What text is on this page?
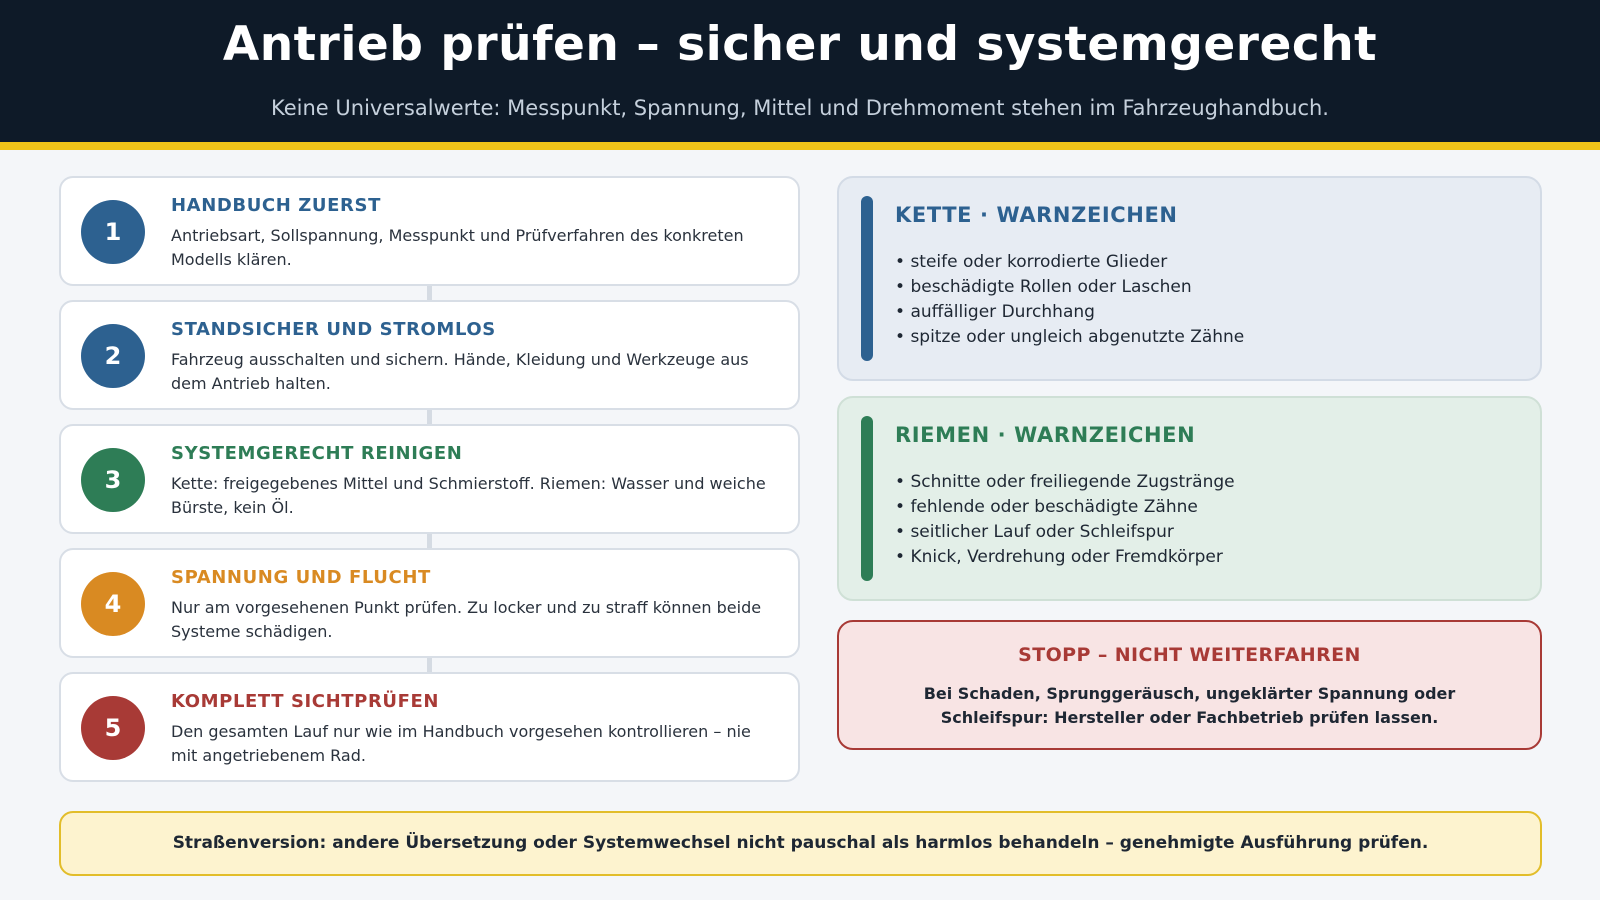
Antrieb prüfen – sicher und systemgerecht
Keine Universalwerte: Messpunkt, Spannung, Mittel und Drehmoment stehen im Fahrzeughandbuch.
1
HANDBUCH ZUERST
Antriebsart, Sollspannung, Messpunkt und Prüfverfahren des konkreten Modells klären.
2
STANDSICHER UND STROMLOS
Fahrzeug ausschalten und sichern. Hände, Kleidung und Werkzeuge aus dem Antrieb halten.
3
SYSTEMGERECHT REINIGEN
Kette: freigegebenes Mittel und Schmierstoff. Riemen: Wasser und weiche Bürste, kein Öl.
4
SPANNUNG UND FLUCHT
Nur am vorgesehenen Punkt prüfen. Zu locker und zu straff können beide Systeme schädigen.
5
KOMPLETT SICHTPRÜFEN
Den gesamten Lauf nur wie im Handbuch vorgesehen kontrollieren – nie mit angetriebenem Rad.
KETTE · WARNZEICHEN
• steife oder korrodierte Glieder
• beschädigte Rollen oder Laschen
• auffälliger Durchhang
• spitze oder ungleich abgenutzte Zähne
RIEMEN · WARNZEICHEN
• Schnitte oder freiliegende Zugstränge
• fehlende oder beschädigte Zähne
• seitlicher Lauf oder Schleifspur
• Knick, Verdrehung oder Fremdkörper
STOPP – NICHT WEITERFAHREN
Bei Schaden, Sprunggeräusch, ungeklärter Spannung oder Schleifspur: Hersteller oder Fachbetrieb prüfen lassen.
Straßenversion: andere Übersetzung oder Systemwechsel nicht pauschal als harmlos behandeln – genehmigte Ausführung prüfen.
